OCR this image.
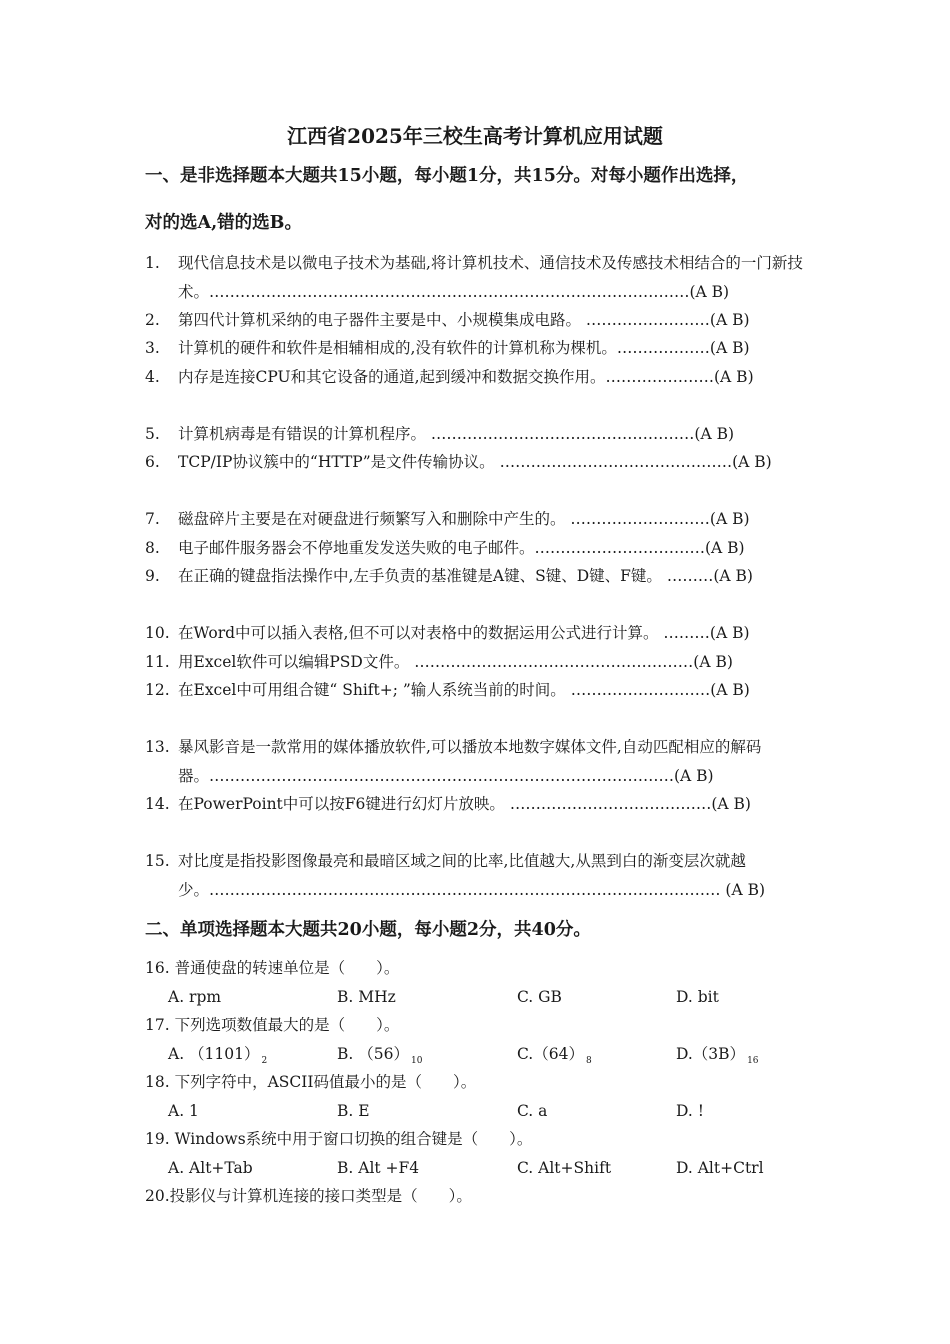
江西省2025年三校生高考计算机应用试题
一、是非选择题本大题共15小题，每小题1分，共15分。对每小题作出选择，
对的选A,错的选B。
1. 现代信息技术是以微电子技术为基础,将计算机技术、通信技术及传感技术相结合的一门新技术。…………………………………………………………………………………(A B)
2. 第四代计算机采纳的电子器件主要是中、小规模集成电路。 ……………………(A B)
3. 计算机的硬件和软件是相辅相成的,没有软件的计算机称为棵机。………………(A B)
4. 内存是连接CPU和其它设备的通道,起到缓冲和数据交换作用。…………………(A B)
5. 计算机病毒是有错误的计算机程序。 ……………………………………………(A B)
6. TCP/IP协议簇中的“HTTP”是文件传输协议。 ………………………………………(A B)
7. 磁盘碎片主要是在对硬盘进行频繁写入和删除中产生的。 ………………………(A B)
8. 电子邮件服务器会不停地重发发送失败的电子邮件。……………………………(A B)
9. 在正确的键盘指法操作中,左手负责的基准键是A键、S键、D键、F键。 ………(A B)
10. 在Word中可以插入表格,但不可以对表格中的数据运用公式进行计算。 ………(A B)
11. 用Excel软件可以编辑PSD文件。 ………………………………………………(A B)
12. 在Excel中可用组合键“ Shift+; ”输人系统当前的时间。 ………………………(A B)
13. 暴风影音是一款常用的媒体播放软件,可以播放本地数字媒体文件,自动匹配相应的解码器。………………………………………………………………………………(A B)
14. 在PowerPoint中可以按F6键进行幻灯片放映。 …………………………………(A B)
15. 对比度是指投影图像最亮和最暗区域之间的比率,比值越大,从黑到白的渐变层次就越少。……………………………………………………………………………………… (A B)
二、单项选择题本大题共20小题，每小题2分，共40分。
16. 普通使盘的转速单位是（　　）。
A. rpm	B. MHz	C. GB	D. bit
17. 下列选项数值最大的是（　　）。
A. （1101） $_2$	B. （56） $_{10}$	C.（64） $_8$	D.（3B） $_{16}$
18. 下列字符中，ASCII码值最小的是（　　）。
A. 1	B. E	C. a	D. !
19. Windows系统中用于窗口切换的组合键是（　　）。
A. Alt+Tab	B. Alt +F4	C. Alt+Shift	D. Alt+Ctrl
20.投影仪与计算机连接的接口类型是（　　）。
